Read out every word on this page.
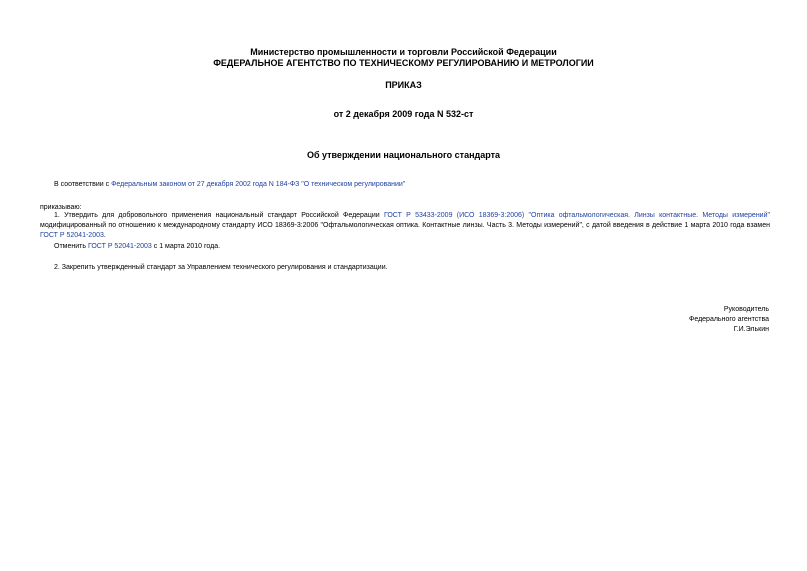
Министерство промышленности и торговли Российской Федерации
ФЕДЕРАЛЬНОЕ АГЕНТСТВО ПО ТЕХНИЧЕСКОМУ РЕГУЛИРОВАНИЮ И МЕТРОЛОГИИ
ПРИКАЗ
от 2 декабря 2009 года N 532-ст
Об утверждении национального стандарта
В соответствии с Федеральным законом от 27 декабря 2002 года N 184-ФЗ "О техническом регулировании"
приказываю:
1. Утвердить для добровольного применения национальный стандарт Российской Федерации ГОСТ Р 53433-2009 (ИСО 18369-3:2006) "Оптика офтальмологическая. Линзы контактные. Методы измерений" модифицированный по отношению к международному стандарту ИСО 18369-3:2006 "Офтальмологическая оптика. Контактные линзы. Часть 3. Методы измерений", с датой введения в действие 1 марта 2010 года взамен ГОСТ Р 52041-2003.
Отменить ГОСТ Р 52041-2003 с 1 марта 2010 года.
2. Закрепить утвержденный стандарт за Управлением технического регулирования и стандартизации.
Руководитель
Федерального агентства
Г.И.Элькин
